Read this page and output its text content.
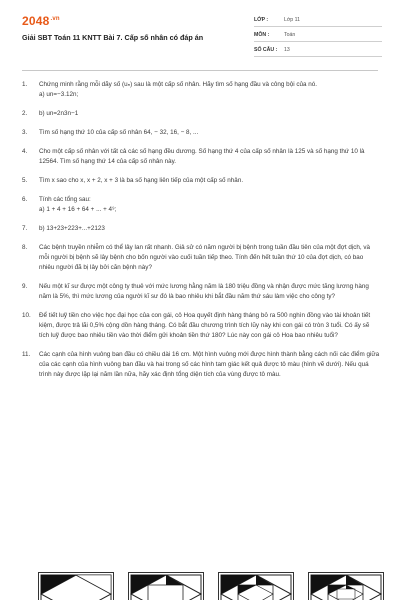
$2048^{.vn}$
Giải SBT Toán 11 KNTT Bài 7. Cấp số nhân có đáp án
LỚP :	Lớp 11
MÔN :	Toán
SỐ CÂU :	13
1.	Chứng minh rằng mỗi dãy số (uₙ) sau là một cấp số nhân. Hãy tìm số hạng đầu và công bội của nó.
a) un=−3.12n;
2.	b) un=2n3n−1
3.	Tìm số hạng thứ 10 của cấp số nhân 64, − 32, 16, − 8, ...
4.	Cho một cấp số nhân với tất cả các số hạng đều dương. Số hạng thứ 4 của cấp số nhân là 125 và số hạng thứ 10 là 12564. Tìm số hạng thứ 14 của cấp số nhân này.
5.	Tìm x sao cho x, x + 2, x + 3 là ba số hạng liên tiếp của một cấp số nhân.
6.	Tính các tổng sau:
a) 1 + 4 + 16 + 64 + ... + 4⁹;
7.	b) 13+23+223+...+2123
8.	Các bệnh truyền nhiễm có thể lây lan rất nhanh. Giả sử có năm người bị bệnh trong tuần đầu tiên của một đợt dịch, và mỗi người bị bệnh sẽ lây bệnh cho bốn người vào cuối tuần tiếp theo. Tính đến hết tuần thứ 10 của đợt dịch, có bao nhiêu người đã bị lây bởi căn bệnh này?
9.	Nếu một kĩ sư được một công ty thuê với mức lương hằng năm là 180 triệu đồng và nhận được mức tăng lương hàng năm là 5%, thì mức lương của người kĩ sư đó là bao nhiêu khi bắt đầu năm thứ sáu làm việc cho công ty?
10.	Để tiết luỹ tiền cho việc học đại học của con gái, cô Hoa quyết định hàng tháng bỏ ra 500 nghìn đồng vào tài khoản tiết kiệm, được trả lãi 0,5% cộng dồn hàng tháng. Có bắt đầu chương trình tích lũy này khi con gái có tròn 3 tuổi. Có ấy sẽ tích luỹ được bao nhiêu tiền vào thời điểm gửi khoản tiền thứ 180? Lúc này con gái cô Hoa bao nhiêu tuổi?
11.	Các cạnh của hình vuông ban đầu có chiều dài 16 cm. Một hình vuông mới được hình thành bằng cách nối các điểm giữa của các cạnh của hình vuông ban đầu và hai trong số các hình tam giác kết quả được tô màu (hình vẽ dưới). Nếu quá trình này được lặp lại năm lần nữa, hãy xác định tổng diện tích của vùng được tô màu.
